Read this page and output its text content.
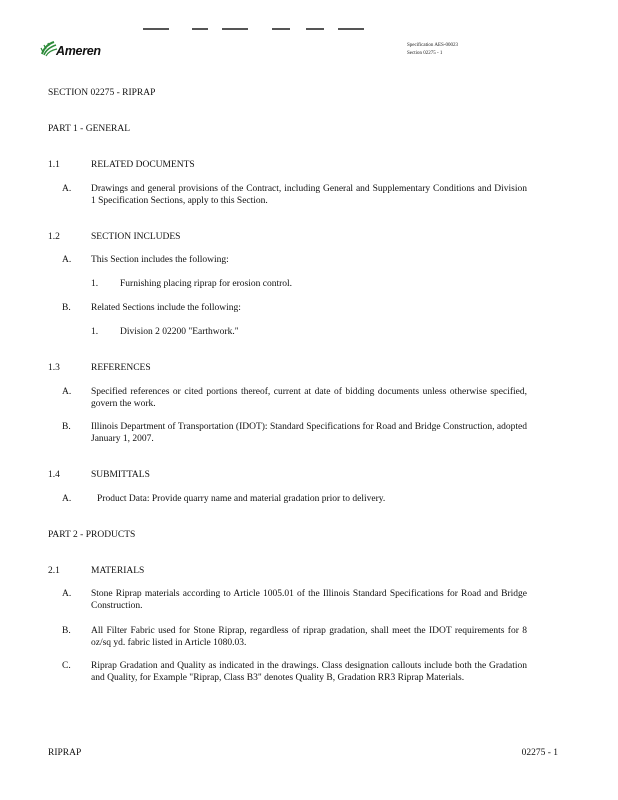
Ameren	Specification AES-00023
Section 02275 - 1
SECTION 02275 - RIPRAP
PART 1 - GENERAL
1.1	RELATED DOCUMENTS
A. Drawings and general provisions of the Contract, including General and Supplementary Conditions and Division 1 Specification Sections, apply to this Section.
1.2	SECTION INCLUDES
A. This Section includes the following:
1. Furnishing placing riprap for erosion control.
B. Related Sections include the following:
1. Division 2 02200 "Earthwork."
1.3	REFERENCES
A. Specified references or cited portions thereof, current at date of bidding documents unless otherwise specified, govern the work.
B. Illinois Department of Transportation (IDOT): Standard Specifications for Road and Bridge Construction, adopted January 1, 2007.
1.4	SUBMITTALS
A.	Product Data: Provide quarry name and material gradation prior to delivery.
PART 2 - PRODUCTS
2.1	MATERIALS
A. Stone Riprap materials according to Article 1005.01 of the Illinois Standard Specifications for Road and Bridge Construction.
B. All Filter Fabric used for Stone Riprap, regardless of riprap gradation, shall meet the IDOT requirements for 8 oz/sq yd. fabric listed in Article 1080.03.
C. Riprap Gradation and Quality as indicated in the drawings. Class designation callouts include both the Gradation and Quality, for Example "Riprap, Class B3" denotes Quality B, Gradation RR3 Riprap Materials.
RIPRAP	02275 - 1
